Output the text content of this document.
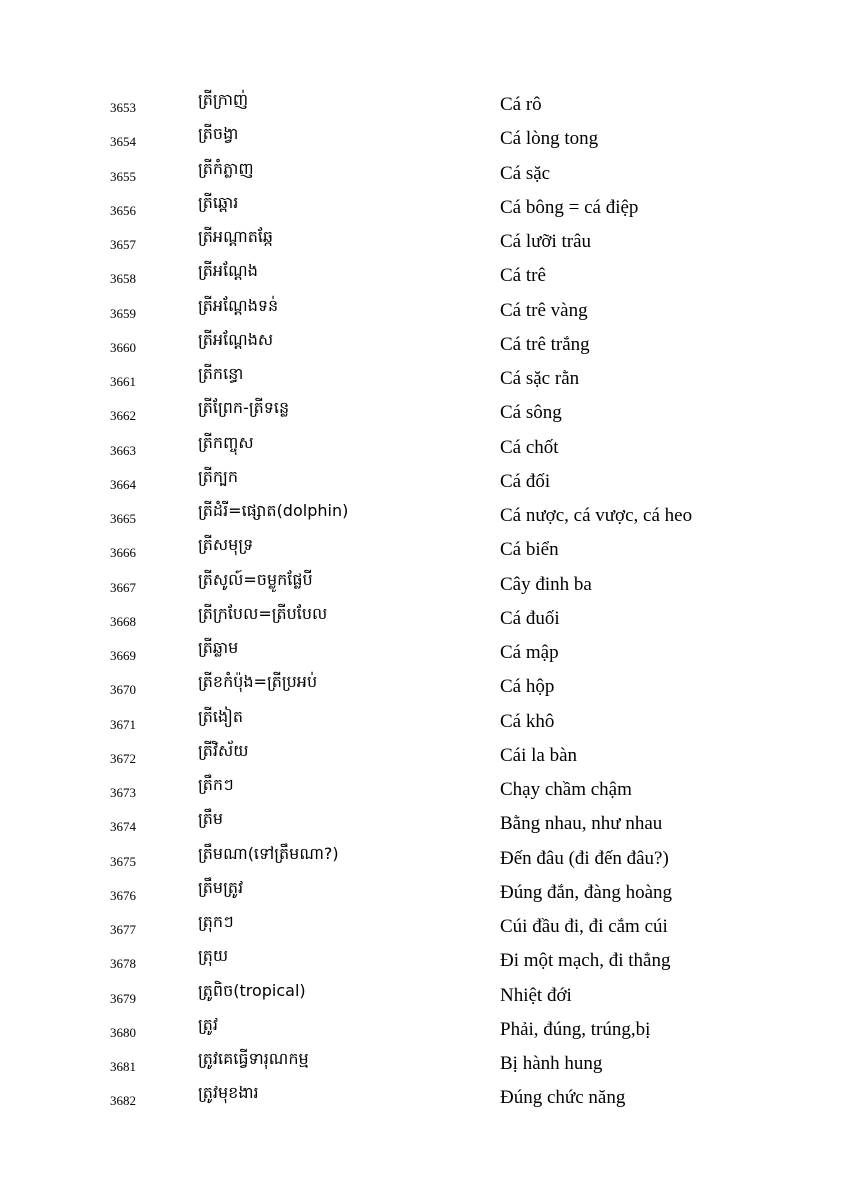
3653	ត្រីក្រាញ់	Cá rô
3654	ត្រីចង្វា	Cá lòng tong
3655	ត្រីកំភ្លាញ	Cá sặc
3656	ត្រីឆ្ពោរ	Cá bông = cá điệp
3657	ត្រីអណ្តាតឆ្កែ	Cá lưỡi trâu
3658	ត្រីអណ្តែង	Cá trê
3659	ត្រីអណ្តែងទន់	Cá trê vàng
3660	ត្រីអណ្តែងស	Cá trê trắng
3661	ត្រីកន្ធោ	Cá sặc rằn
3662	ត្រីព្រែក-ត្រីទន្លេ	Cá sông
3663	ត្រីកញ្ចុស	Cá chốt
3664	ត្រីក្បក	Cá đối
3665	ត្រីដំរី=ផ្សោត(dolphin)	Cá nược, cá vược, cá heo
3666	ត្រីសមុទ្រ	Cá biển
3667	ត្រីសូល៍=ចម្លូកផ្លែបី	Cây đinh ba
3668	ត្រីក្របែល=ត្រីបបែល	Cá đuối
3669	ត្រីឆ្លាម	Cá mập
3670	ត្រីខកំប៉ុង=ត្រីប្រអប់	Cá hộp
3671	ត្រីងៀត	Cá khô
3672	ត្រីវិស័យ	Cái la bàn
3673	ត្រឹកៗ	Chạy chầm chậm
3674	ត្រឹម	Bằng nhau, như nhau
3675	ត្រឹមណា(ទៅត្រឹមណា?)	Đến đâu (đi đến đâu?)
3676	ត្រឹមត្រូវ	Đúng đắn, đàng hoàng
3677	ត្រុកៗ	Cúi đầu đi, đi cắm cúi
3678	ត្រុយ	Đi một mạch, đi thẳng
3679	ត្រូពិច(tropical)	Nhiệt đới
3680	ត្រូវ	Phải, đúng, trúng,bị
3681	ត្រូវគេធ្វើទារុណកម្ម	Bị hành hung
3682	ត្រូវមុខងារ	Đúng chức năng
